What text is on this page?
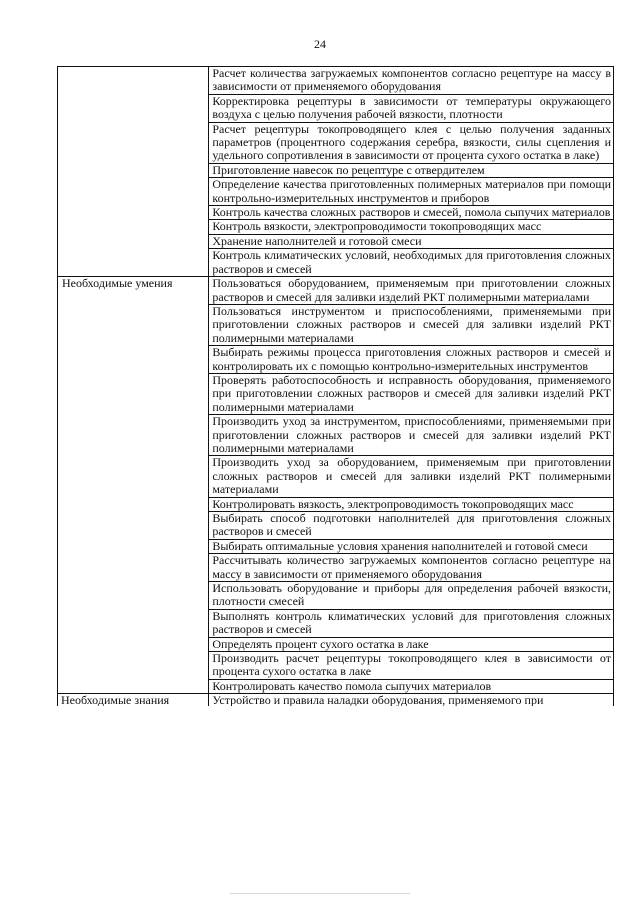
24

	Расчет количества загружаемых компонентов согласно рецептуре на массу в зависимости от применяемого оборудования

	Корректировка рецептуры в зависимости от температуры окружающего воздуха с целью получения рабочей вязкости, плотности

	Расчет рецептуры токопроводящего клея с целью получения заданных параметров (процентного содержания серебра, вязкости, силы сцепления и удельного сопротивления в зависимости от процента сухого остатка в лаке)

	Приготовление навесок по рецептуре с отвердителем

	Определение качества приготовленных полимерных материалов при помощи контрольно-измерительных инструментов и приборов

	Контроль качества сложных растворов и смесей, помола сыпучих материалов

	Контроль вязкости, электропроводимости токопроводящих масс

	Хранение наполнителей и готовой смеси

	Контроль климатических условий, необходимых для приготовления сложных растворов и смесей

Необходимые умения	Пользоваться оборудованием, применяемым при приготовлении сложных растворов и смесей для заливки изделий РКТ полимерными материалами

	Пользоваться инструментом и приспособлениями, применяемыми при приготовлении сложных растворов и смесей для заливки изделий РКТ полимерными материалами

	Выбирать режимы процесса приготовления сложных растворов и смесей и контролировать их с помощью контрольно-измерительных инструментов

	Проверять работоспособность и исправность оборудования, применяемого при приготовлении сложных растворов и смесей для заливки изделий РКТ полимерными материалами

	Производить уход за инструментом, приспособлениями, применяемыми при приготовлении сложных растворов и смесей для заливки изделий РКТ полимерными материалами

	Производить уход за оборудованием, применяемым при приготовлении сложных растворов и смесей для заливки изделий РКТ полимерными материалами

	Контролировать вязкость, электропроводимость токопроводящих масс

	Выбирать способ подготовки наполнителей для приготовления сложных растворов и смесей

	Выбирать оптимальные условия хранения наполнителей и готовой смеси

	Рассчитывать количество загружаемых компонентов согласно рецептуре на массу в зависимости от применяемого оборудования

	Использовать оборудование и приборы для определения рабочей вязкости, плотности смесей

	Выполнять контроль климатических условий для приготовления сложных растворов и смесей

	Определять процент сухого остатка в лаке

	Производить расчет рецептуры токопроводящего клея в зависимости от процента сухого остатка в лаке

	Контролировать качество помола сыпучих материалов

Необходимые знания	Устройство и правила наладки оборудования, применяемого при
